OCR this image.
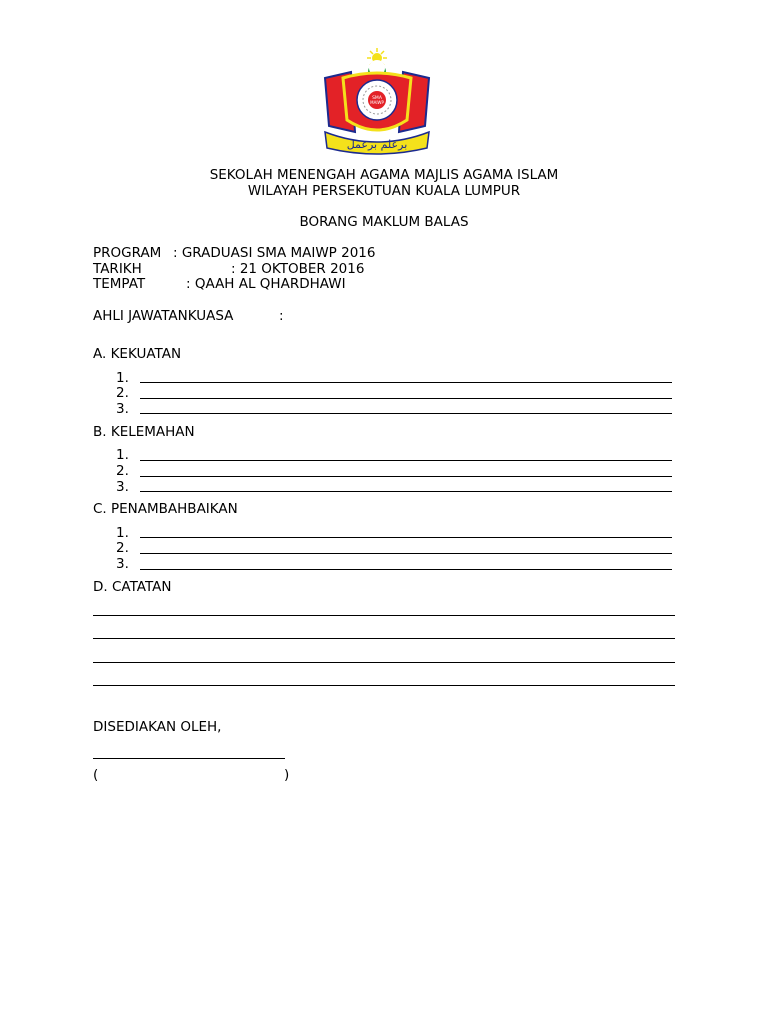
SMA
MAIWP
ﺑﺮﻋﻠﻢ ﺑﺮﻋﻤﻞ
SEKOLAH MENENGAH AGAMA MAJLIS AGAMA ISLAM
WILAYAH PERSEKUTUAN KUALA LUMPUR
BORANG MAKLUM BALAS
PROGRAM : GRADUASI SMA MAIWP 2016
TARIKH	: 21 OKTOBER 2016
TEMPAT	: QAAH AL QHARDHAWI
AHLI JAWATANKUASA	:
A. KEKUATAN
1.
2.
3.
B. KELEMAHAN
1.
2.
3.
C. PENAMBAHBAIKAN
1.
2.
3.
D. CATATAN
DISEDIAKAN OLEH,
(	)
